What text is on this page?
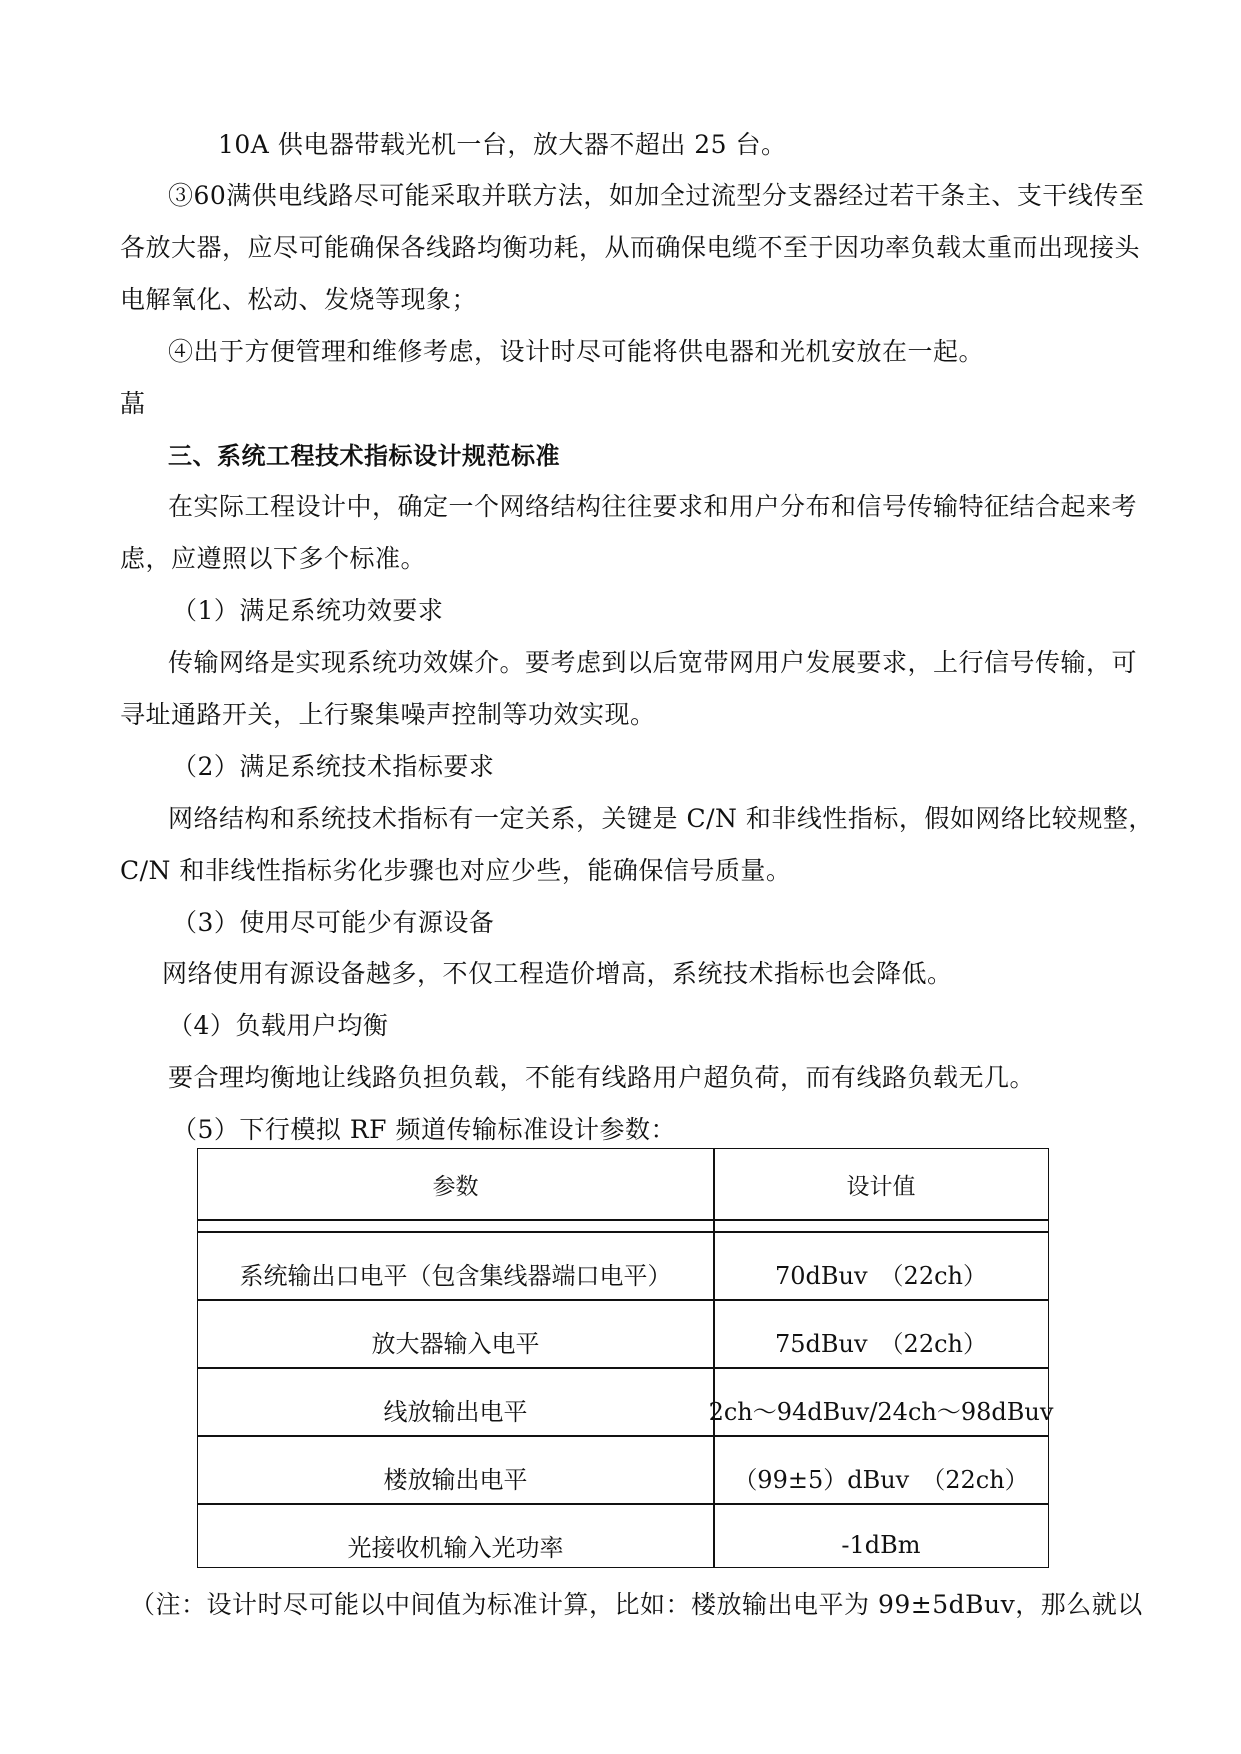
10A 供电器带载光机一台，放大器不超出 25 台。
③60满供电线路尽可能采取并联方法，如加全过流型分支器经过若干条主、支干线传至
各放大器，应尽可能确保各线路均衡功耗，从而确保电缆不至于因功率负载太重而出现接头
电解氧化、松动、发烧等现象；
④出于方便管理和维修考虑，设计时尽可能将供电器和光机安放在一起。
蕌
三、系统工程技术指标设计规范标准
在实际工程设计中，确定一个网络结构往往要求和用户分布和信号传输特征结合起来考
虑，应遵照以下多个标准。
（1）满足系统功效要求
传输网络是实现系统功效媒介。要考虑到以后宽带网用户发展要求，上行信号传输，可
寻址通路开关，上行聚集噪声控制等功效实现。
（2）满足系统技术指标要求
网络结构和系统技术指标有一定关系，关键是 C/N 和非线性指标，假如网络比较规整，
C/N 和非线性指标劣化步骤也对应少些，能确保信号质量。
（3）使用尽可能少有源设备
网络使用有源设备越多，不仅工程造价增高，系统技术指标也会降低。
（4）负载用户均衡
要合理均衡地让线路负担负载，不能有线路用户超负荷，而有线路负载无几。
（5）下行模拟 RF 频道传输标准设计参数：
参数	设计值
系统输出口电平（包含集线器端口电平）	70dBuv　（22ch）
放大器输入电平	75dBuv　（22ch）
线放输出电平	2ch～94dBuv/24ch～98dBuv
楼放输出电平	（99±5）dBuv　（22ch）
光接收机输入光功率	-1dBm
（注：设计时尽可能以中间值为标准计算，比如：楼放输出电平为 99±5dBuv，那么就以
